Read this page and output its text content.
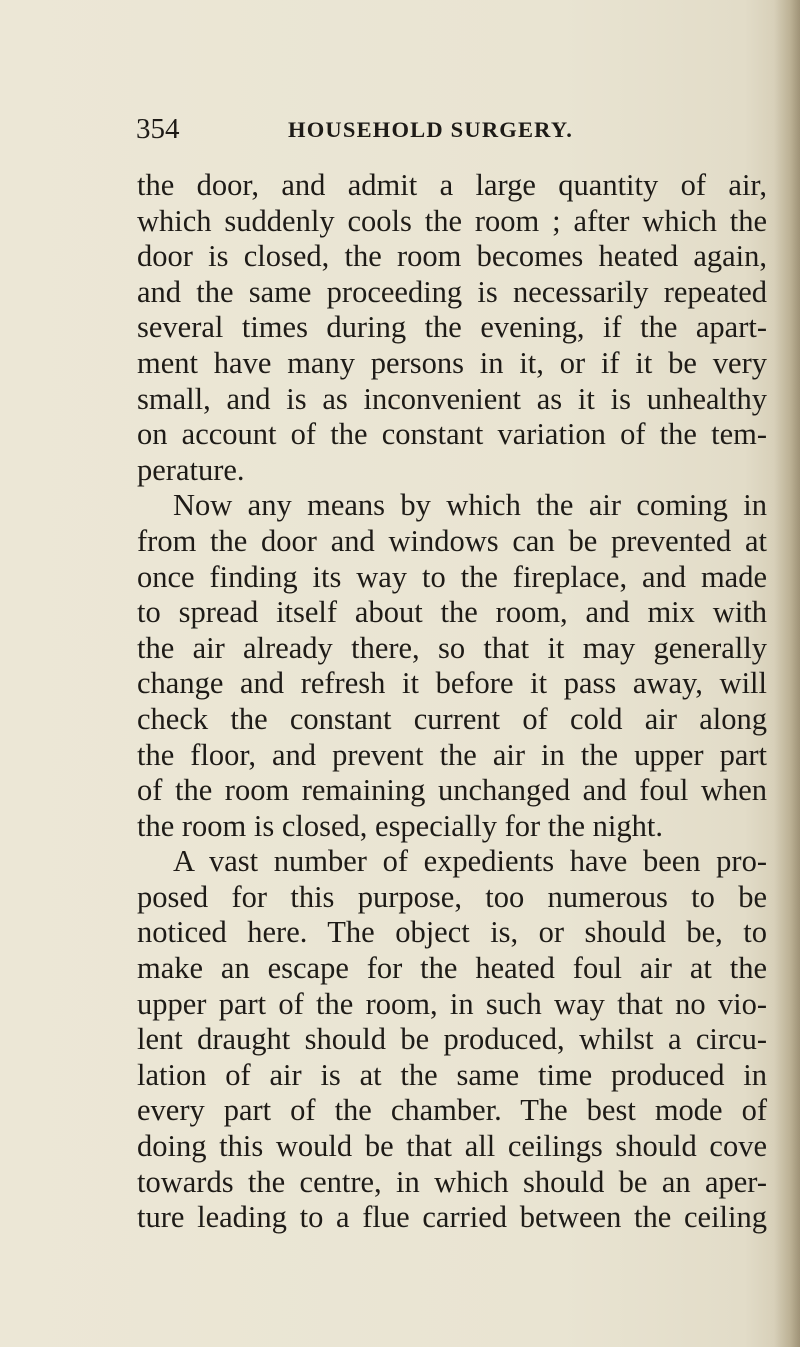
354	HOUSEHOLD SURGERY.
the door, and admit a large quantity of air,
which suddenly cools the room ; after which the
door is closed, the room becomes heated again,
and the same proceeding is necessarily repeated
several times during the evening, if the apart-
ment have many persons in it, or if it be very
small, and is as inconvenient as it is unhealthy
on account of the constant variation of the tem-
perature.
Now any means by which the air coming in
from the door and windows can be prevented at
once finding its way to the fireplace, and made
to spread itself about the room, and mix with
the air already there, so that it may generally
change and refresh it before it pass away, will
check the constant current of cold air along
the floor, and prevent the air in the upper part
of the room remaining unchanged and foul when
the room is closed, especially for the night.
A vast number of expedients have been pro-
posed for this purpose, too numerous to be
noticed here. The object is, or should be, to
make an escape for the heated foul air at the
upper part of the room, in such way that no vio-
lent draught should be produced, whilst a circu-
lation of air is at the same time produced in
every part of the chamber. The best mode of
doing this would be that all ceilings should cove
towards the centre, in which should be an aper-
ture leading to a flue carried between the ceiling
